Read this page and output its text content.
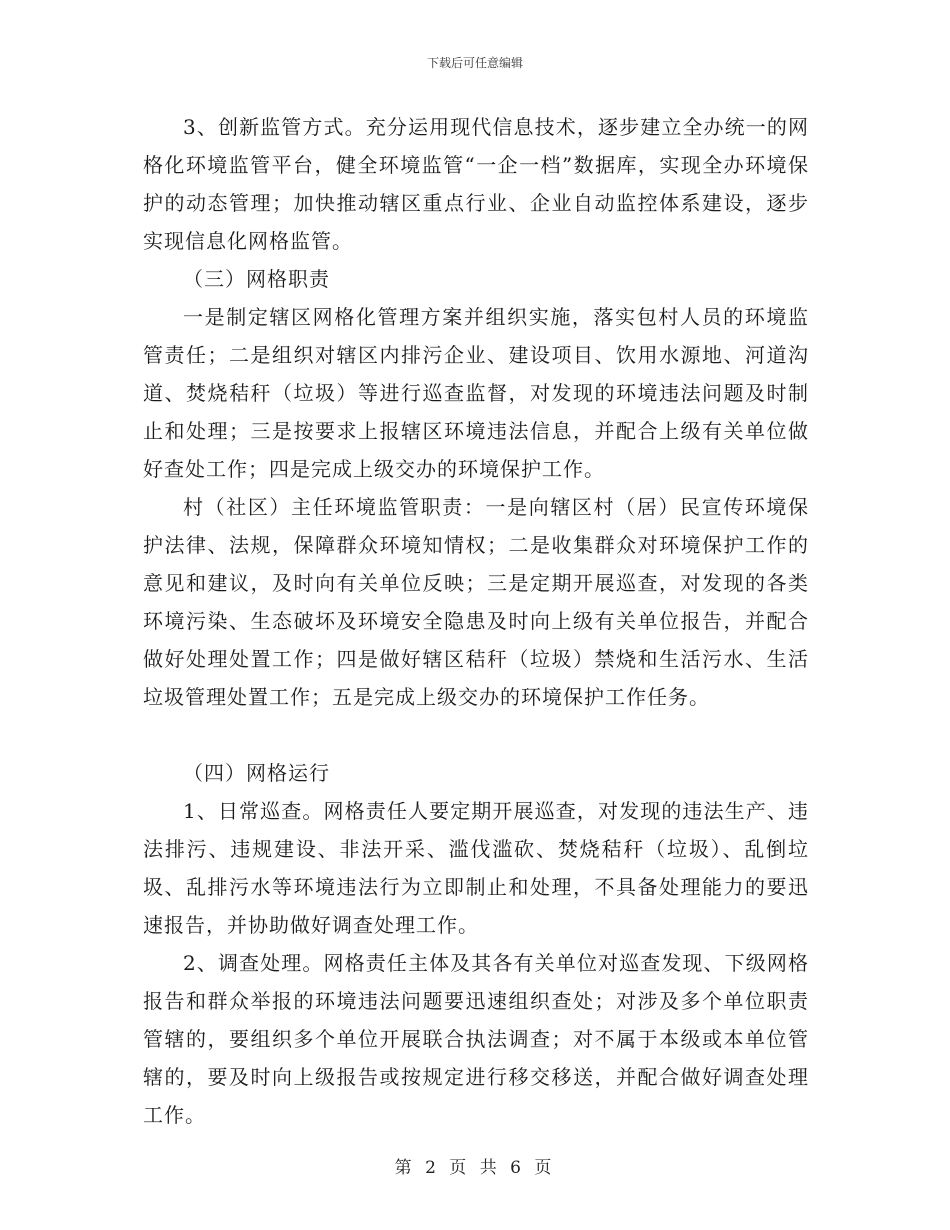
下载后可任意编辑

3、创新监管方式。充分运用现代信息技术，逐步建立全办统一的网格化环境监管平台，健全环境监管“一企一档”数据库，实现全办环境保护的动态管理；加快推动辖区重点行业、企业自动监控体系建设，逐步实现信息化网格监管。

（三）网格职责

一是制定辖区网格化管理方案并组织实施，落实包村人员的环境监管责任；二是组织对辖区内排污企业、建设项目、饮用水源地、河道沟道、焚烧秸秆（垃圾）等进行巡查监督，对发现的环境违法问题及时制止和处理；三是按要求上报辖区环境违法信息，并配合上级有关单位做好查处工作；四是完成上级交办的环境保护工作。

村（社区）主任环境监管职责：一是向辖区村（居）民宣传环境保护法律、法规，保障群众环境知情权；二是收集群众对环境保护工作的意见和建议，及时向有关单位反映；三是定期开展巡查，对发现的各类环境污染、生态破坏及环境安全隐患及时向上级有关单位报告，并配合做好处理处置工作；四是做好辖区秸秆（垃圾）禁烧和生活污水、生活垃圾管理处置工作；五是完成上级交办的环境保护工作任务。

（四）网格运行

1、日常巡查。网格责任人要定期开展巡查，对发现的违法生产、违法排污、违规建设、非法开采、滥伐滥砍、焚烧秸秆（垃圾）、乱倒垃圾、乱排污水等环境违法行为立即制止和处理，不具备处理能力的要迅速报告，并协助做好调查处理工作。

2、调查处理。网格责任主体及其各有关单位对巡查发现、下级网格报告和群众举报的环境违法问题要迅速组织查处；对涉及多个单位职责管辖的，要组织多个单位开展联合执法调查；对不属于本级或本单位管辖的，要及时向上级报告或按规定进行移交移送，并配合做好调查处理工作。

第 2 页 共 6 页
